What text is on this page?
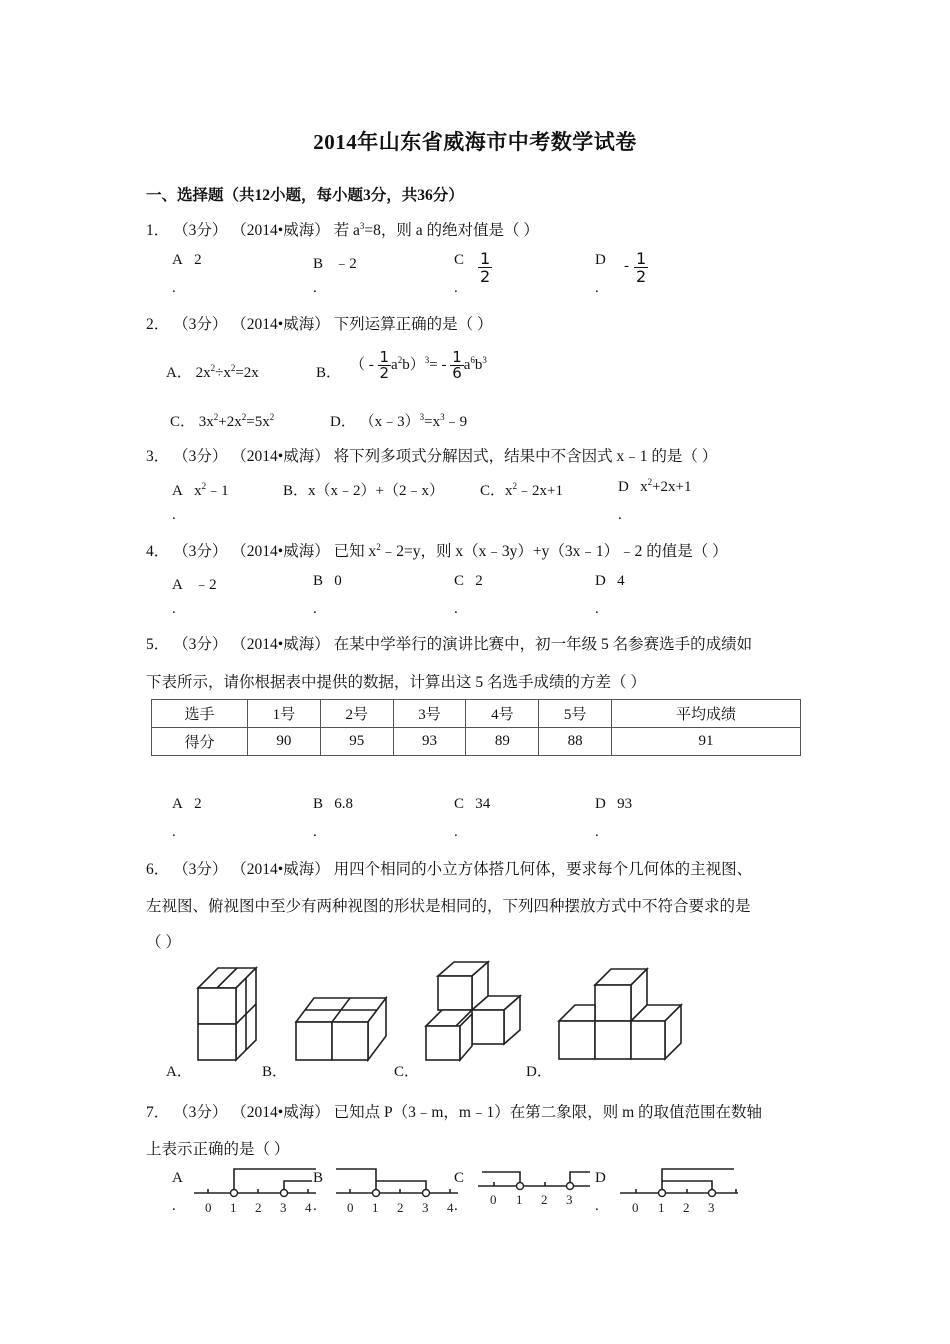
2014年山东省威海市中考数学试卷
一、选择题（共12小题，每小题3分，共36分）
1． （3分） （2014•威海） 若 $a^3=8$，则 a 的绝对值是（ ）
A 2
.
B ﹣2
.
C $\frac{1}{2}$
.
D - $\frac{1}{2}$
.
2． （3分） （2014•威海） 下列运算正确的是（ ）
A． $2x^2\div x^2=2x$	B．
（ - $\frac{1}{2} a^2b)^3= - \frac{1}{6} a^6b^3$
C． $3x^2+2x^2=5x^2$	D． $(x﹣3)^3=x^3﹣9$
3． （3分） （2014•威海） 将下列多项式分解因式，结果中不含因式 x﹣1 的是（ ）
A   $x^2﹣1$
.
B．x（x﹣2）+（2﹣x） C．$x^2﹣2x+1$	D   $x^2+2x+1$
.
4． （3分） （2014•威海） 已知 $x^2﹣2=y$，则 x（x﹣3y）+y（3x﹣1）﹣2 的值是（ ）
A ﹣2
.
B 0
.
C 2
.
D 4
.
5． （3分） （2014•威海） 在某中学举行的演讲比赛中，初一年级 5 名参赛选手的成绩如
下表所示，请你根据表中提供的数据，计算出这 5 名选手成绩的方差（ ）
选手	1号	2号	3号	4号	5号	平均成绩
得分	90	95	93	89	88	91
A 2
.
B 6.8
.
C 34
.
D 93
.
6． （3分） （2014•威海） 用四个相同的小立方体搭几何体，要求每个几何体的主视图、
左视图、俯视图中至少有两种视图的形状是相同的，下列四种摆放方式中不符合要求的是
（ ）
A．	B．	C．	D．
7． （3分） （2014•威海） 已知点 P（3﹣m，m﹣1）在第二象限，则 m 的取值范围在数轴
上表示正确的是（ ）
A
. 0 1 2 3 4
B
. 0 1 2 3 4
C
. 0 1 2 3
D
.	0 1 2 3
